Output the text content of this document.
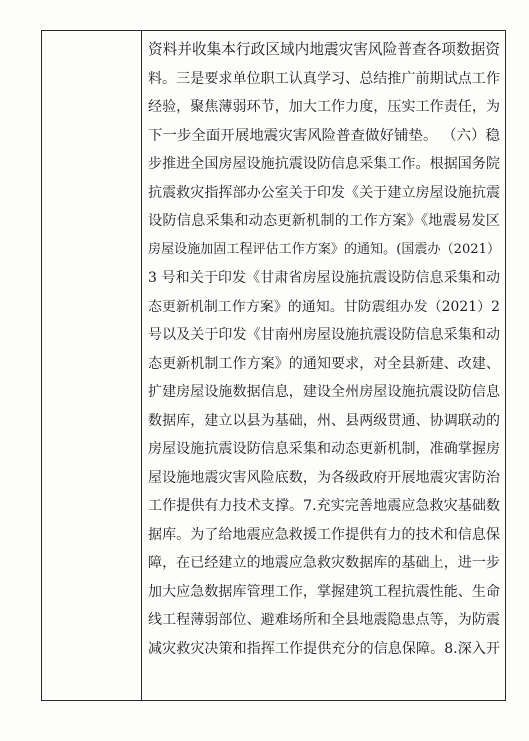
资料并收集本行政区域内地震灾害风险普查各项数据资
料。三是要求单位职工认真学习、总结推广前期试点工作
经验，聚焦薄弱环节，加大工作力度，压实工作责任，为
下一步全面开展地震灾害风险普查做好铺垫。 （六）稳
步推进全国房屋设施抗震设防信息采集工作。根据国务院
抗震救灾指挥部办公室关于印发《关于建立房屋设施抗震
设防信息采集和动态更新机制的工作方案》《地震易发区
房屋设施加固工程评估工作方案》的通知。(国震办（2021）
3 号和关于印发《甘肃省房屋设施抗震设防信息采集和动
态更新机制工作方案》的通知。甘防震组办发（2021）2
号以及关于印发《甘南州房屋设施抗震设防信息采集和动
态更新机制工作方案》的通知要求，对全县新建、改建、
扩建房屋设施数据信息，建设全州房屋设施抗震设防信息
数据库，建立以县为基础，州、县两级贯通、协调联动的
房屋设施抗震设防信息采集和动态更新机制，准确掌握房
屋设施地震灾害风险底数，为各级政府开展地震灾害防治
工作提供有力技术支撑。7.充实完善地震应急救灾基础数
据库。为了给地震应急救援工作提供有力的技术和信息保
障，在已经建立的地震应急救灾数据库的基础上，进一步
加大应急数据库管理工作，掌握建筑工程抗震性能、生命
线工程薄弱部位、避难场所和全县地震隐患点等，为防震
减灾救灾决策和指挥工作提供充分的信息保障。8.深入开
